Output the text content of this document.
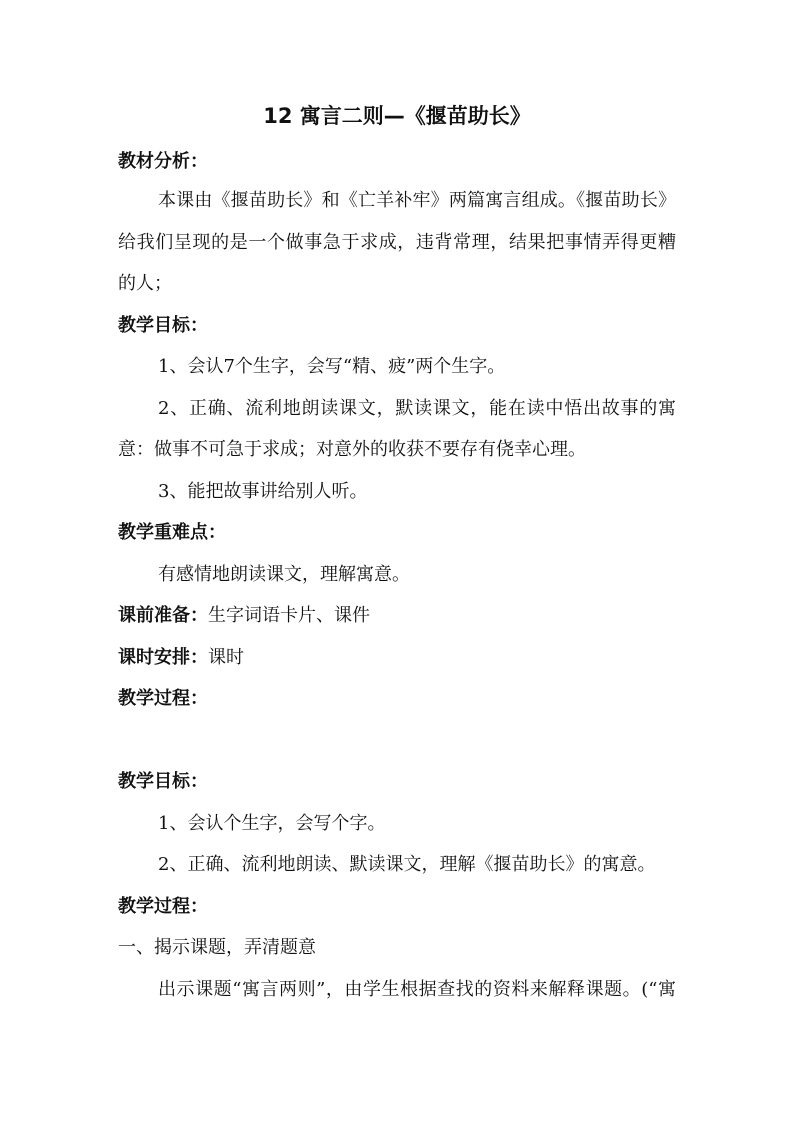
12 寓言二则—《揠苗助长》
教材分析：
本课由《揠苗助长》和《亡羊补牢》两篇寓言组成。《揠苗助长》
给我们呈现的是一个做事急于求成，违背常理，结果把事情弄得更糟
的人；
教学目标：
1、会认7个生字，会写“精、疲”两个生字。
2、正确、流利地朗读课文，默读课文，能在读中悟出故事的寓
意：做事不可急于求成；对意外的收获不要存有侥幸心理。
3、能把故事讲给别人听。
教学重难点：
有感情地朗读课文，理解寓意。
课前准备：生字词语卡片、课件
课时安排：课时
教学过程：
教学目标：
1、会认个生字，会写个字。
2、正确、流利地朗读、默读课文，理解《揠苗助长》的寓意。
教学过程：
一、揭示课题，弄清题意
出示课题“寓言两则”，由学生根据查找的资料来解释课题。(“寓
